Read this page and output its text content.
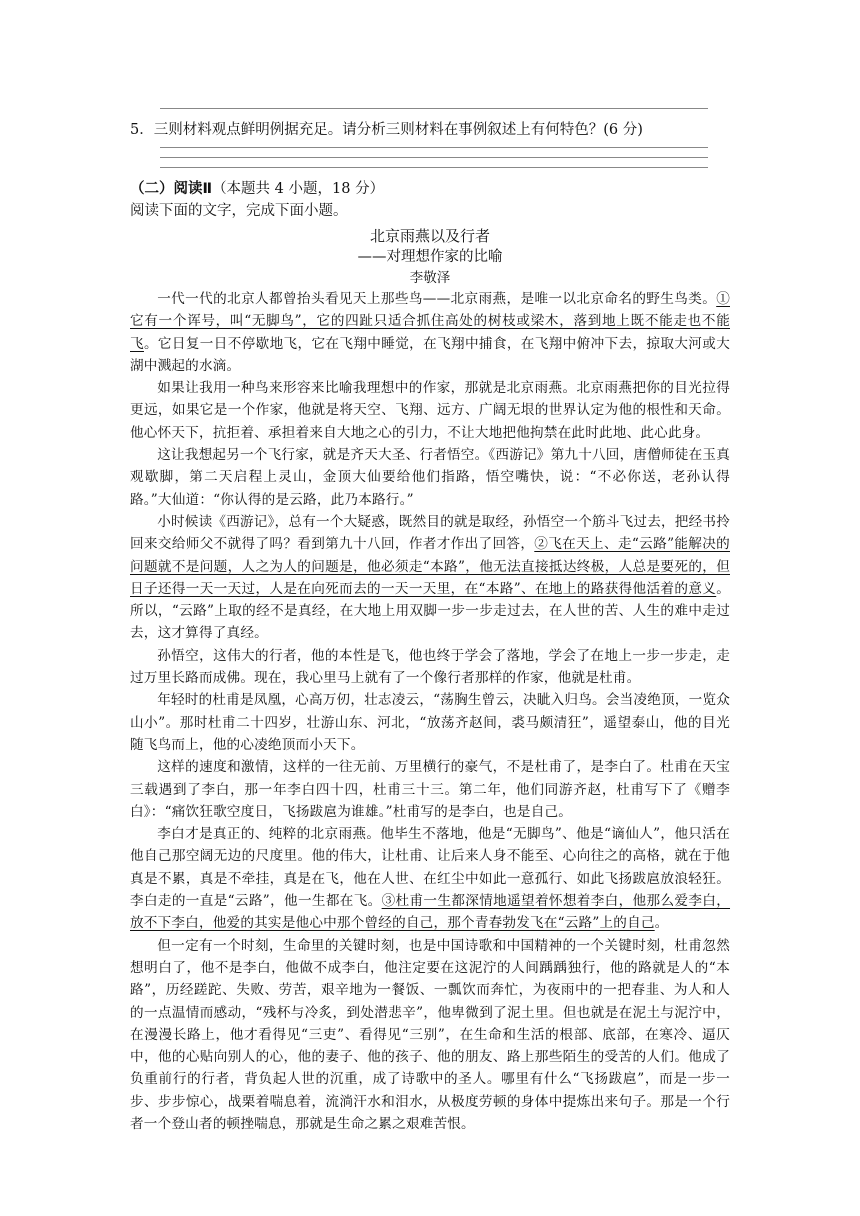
5．三则材料观点鲜明例据充足。请分析三则材料在事例叙述上有何特色？(6 分)

（二）阅读Ⅱ（本题共 4 小题，18 分）
阅读下面的文字，完成下面小题。
北京雨燕以及行者
——对理想作家的比喻
李敬泽

一代一代的北京人都曾抬头看见天上那些鸟——北京雨燕，是唯一以北京命名的野生鸟类。①它有一个诨号，叫“无脚鸟”，它的四趾只适合抓住高处的树枝或梁木，落到地上既不能走也不能飞。它日复一日不停歇地飞，它在飞翔中睡觉，在飞翔中捕食，在飞翔中俯冲下去，掠取大河或大湖中溅起的水滴。

如果让我用一种鸟来形容来比喻我理想中的作家，那就是北京雨燕。北京雨燕把你的目光拉得更远，如果它是一个作家，他就是将天空、飞翔、远方、广阔无垠的世界认定为他的根性和天命。他心怀天下，抗拒着、承担着来自大地之心的引力，不让大地把他拘禁在此时此地、此心此身。

这让我想起另一个飞行家，就是齐天大圣、行者悟空。《西游记》第九十八回，唐僧师徒在玉真观歇脚，第二天启程上灵山，金顶大仙要给他们指路，悟空嘴快，说：“不必你送，老孙认得路。”大仙道：“你认得的是云路，此乃本路行。”

小时候读《西游记》，总有一个大疑惑，既然目的就是取经，孙悟空一个筋斗飞过去，把经书拎回来交给师父不就得了吗？看到第九十八回，作者才作出了回答，②飞在天上、走“云路”能解决的问题就不是问题，人之为人的问题是，他必须走“本路”，他无法直接抵达终极，人总是要死的，但日子还得一天一天过，人是在向死而去的一天一天里，在“本路”、在地上的路获得他活着的意义。所以，“云路”上取的经不是真经，在大地上用双脚一步一步走过去，在人世的苦、人生的难中走过去，这才算得了真经。

孙悟空，这伟大的行者，他的本性是飞，他也终于学会了落地，学会了在地上一步一步走，走过万里长路而成佛。现在，我心里马上就有了一个像行者那样的作家，他就是杜甫。

年轻时的杜甫是凤凰，心高万仞，壮志凌云，“荡胸生曾云，决眦入归鸟。会当凌绝顶，一览众山小”。那时杜甫二十四岁，壮游山东、河北，“放荡齐赵间，裘马颇清狂”，遥望泰山，他的目光随飞鸟而上，他的心凌绝顶而小天下。

这样的速度和激情，这样的一往无前、万里横行的豪气，不是杜甫了，是李白了。杜甫在天宝三载遇到了李白，那一年李白四十四，杜甫三十三。第二年，他们同游齐赵，杜甫写下了《赠李白》：“痛饮狂歌空度日，飞扬跋扈为谁雄。”杜甫写的是李白，也是自己。

李白才是真正的、纯粹的北京雨燕。他毕生不落地，他是“无脚鸟”、他是“谪仙人”，他只活在他自己那空阔无边的尺度里。他的伟大，让杜甫、让后来人身不能至、心向往之的高格，就在于他真是不累，真是不牵挂，真是在飞，他在人世、在红尘中如此一意孤行、如此飞扬跋扈放浪轻狂。李白走的一直是“云路”，他一生都在飞。③杜甫一生都深情地遥望着怀想着李白，他那么爱李白，放不下李白，他爱的其实是他心中那个曾经的自己，那个青春勃发飞在“云路”上的自己。

但一定有一个时刻，生命里的关键时刻，也是中国诗歌和中国精神的一个关键时刻，杜甫忽然想明白了，他不是李白，他做不成李白，他注定要在这泥泞的人间踽踽独行，他的路就是人的“本路”，历经蹉跎、失败、劳苦，艰辛地为一餐饭、一瓢饮而奔忙，为夜雨中的一把春韭、为人和人的一点温情而感动，“残杯与冷炙，到处潜悲辛”，他卑微到了泥土里。但也就是在泥土与泥泞中，在漫漫长路上，他才看得见“三吏”、看得见“三别”，在生命和生活的根部、底部，在寒冷、逼仄中，他的心贴向别人的心，他的妻子、他的孩子、他的朋友、路上那些陌生的受苦的人们。他成了负重前行的行者，背负起人世的沉重，成了诗歌中的圣人。哪里有什么“飞扬跋扈”，而是一步一步、步步惊心，战栗着喘息着，流淌汗水和泪水，从极度劳顿的身体中提炼出来句子。那是一个行者一个登山者的顿挫喘息，那就是生命之累之艰难苦恨。
